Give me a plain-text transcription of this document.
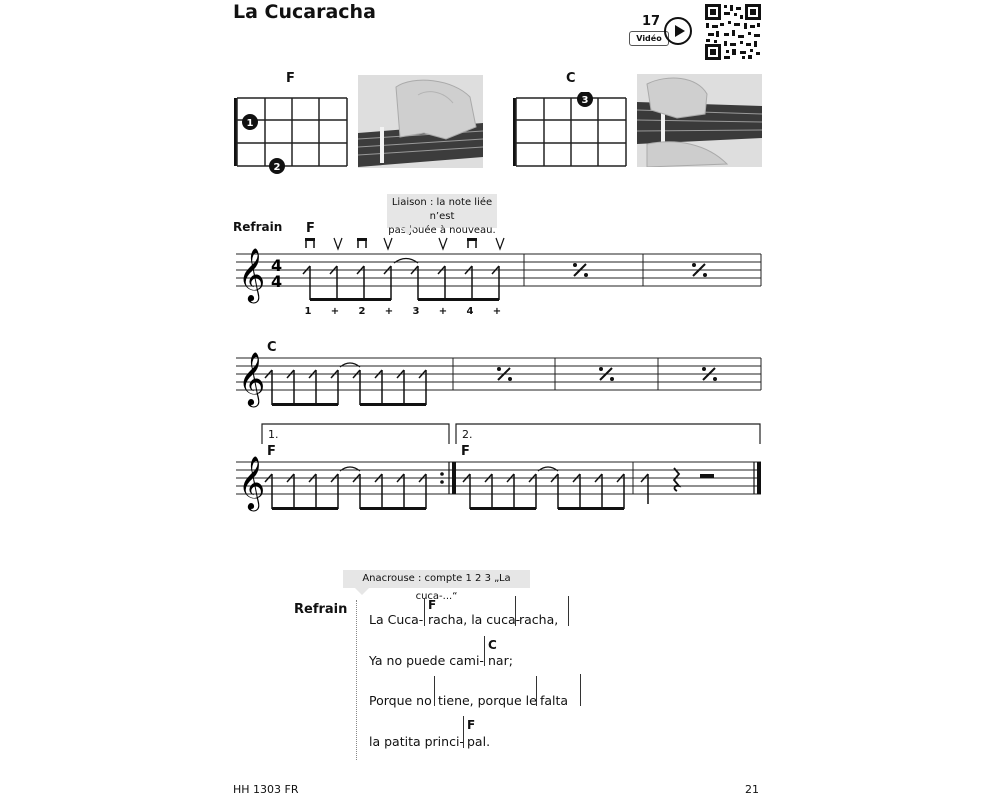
La Cucaracha	17
Vidéo
F
1
2
C
3
Liaison : la note liée n’est
pas jouée à nouveau.
Refrain F
𝄞 4
4
1	+	2	+	3	+	4	+
C
𝄞
1.	2.
F	F
𝄞
Anacrouse : compte 1 2 3 „La cuca-...“
Refrain
La Cuca-
F
racha, la cuca-
racha,
Ya no puede cami-
C
nar;
Porque no tiene, porque le falta
la patita princi-
F
pal.
HH 1303 FR	21
